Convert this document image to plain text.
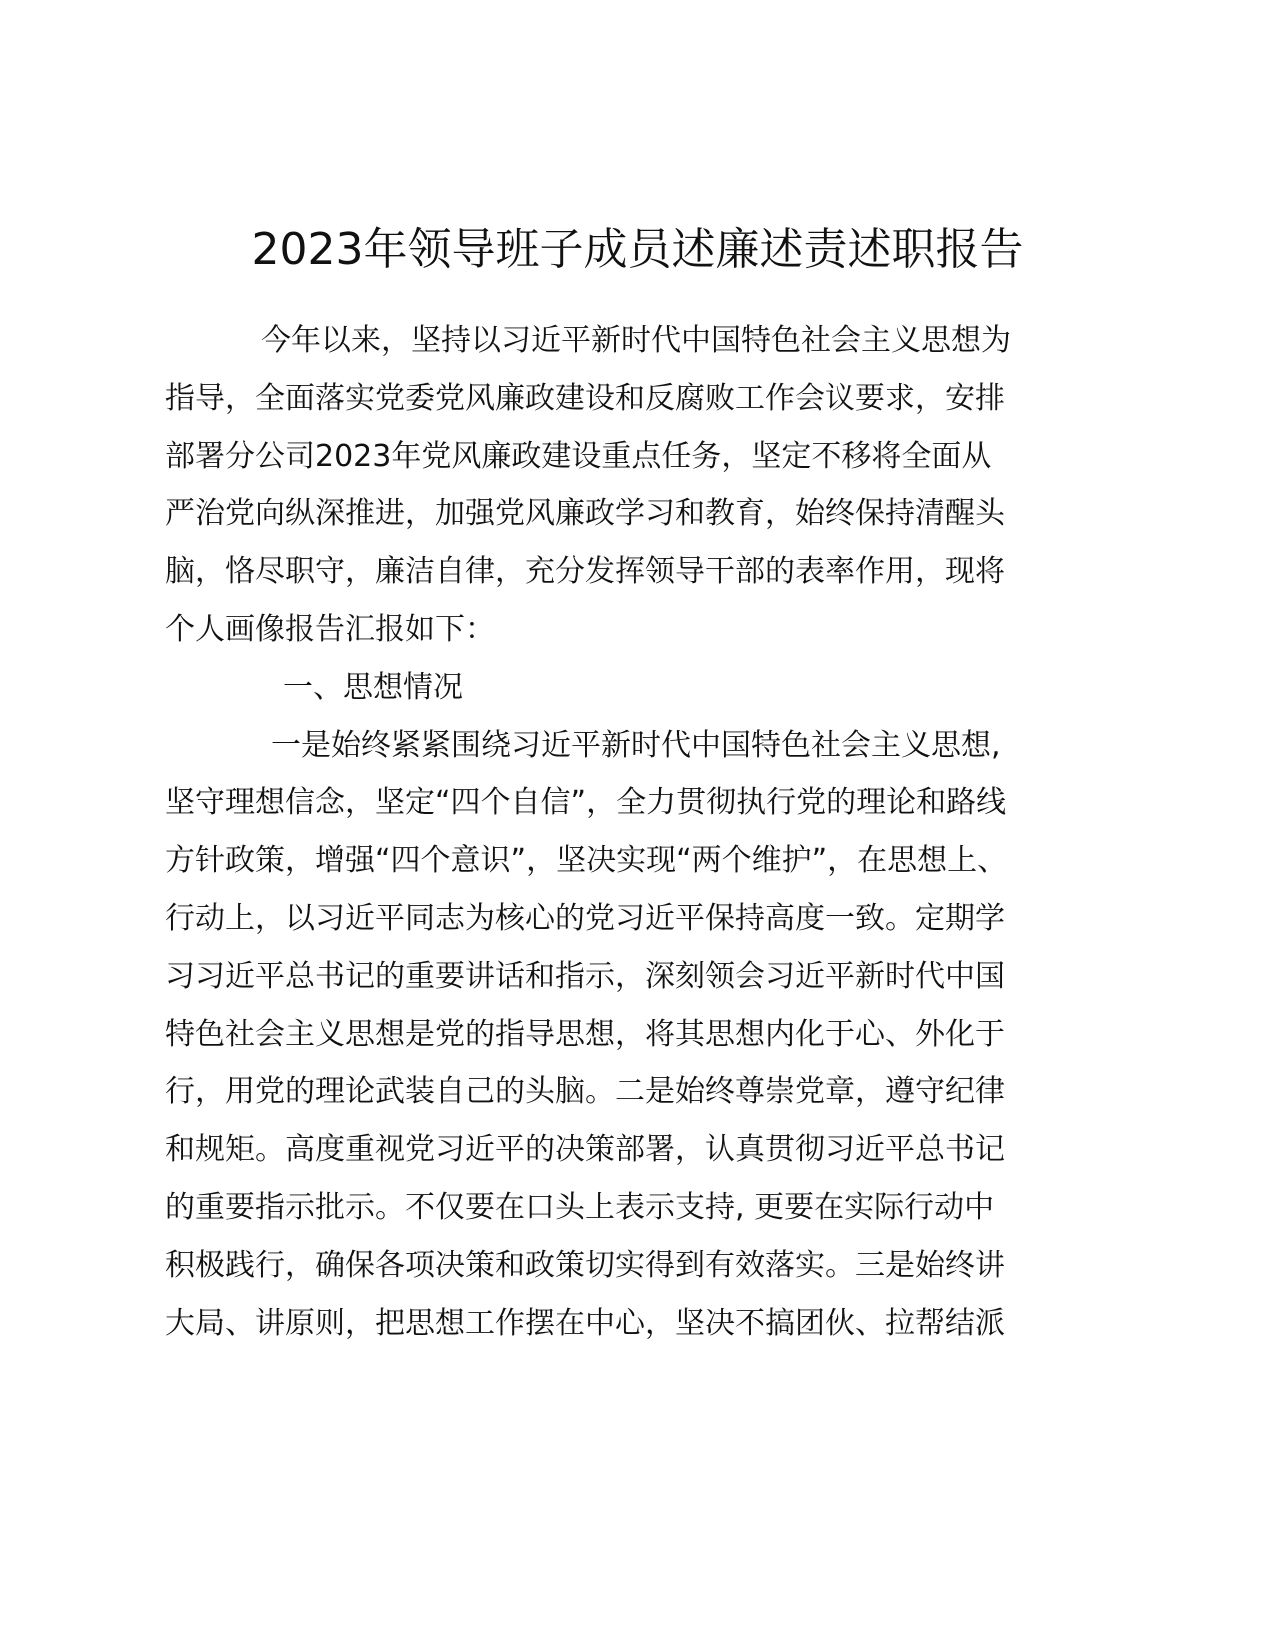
2023年领导班子成员述廉述责述职报告
今年以来，坚持以习近平新时代中国特色社会主义思想为
指导，全面落实党委党风廉政建设和反腐败工作会议要求，安排
部署分公司2023年党风廉政建设重点任务，坚定不移将全面从
严治党向纵深推进，加强党风廉政学习和教育，始终保持清醒头
脑，恪尽职守，廉洁自律，充分发挥领导干部的表率作用，现将
个人画像报告汇报如下：
一、思想情况
一是始终紧紧围绕习近平新时代中国特色社会主义思想,
坚守理想信念，坚定“四个自信”，全力贯彻执行党的理论和路线
方针政策，增强“四个意识”，坚决实现“两个维护”，在思想上、
行动上，以习近平同志为核心的党习近平保持高度一致。定期学
习习近平总书记的重要讲话和指示，深刻领会习近平新时代中国
特色社会主义思想是党的指导思想，将其思想内化于心、外化于
行，用党的理论武装自己的头脑。二是始终尊崇党章，遵守纪律
和规矩。高度重视党习近平的决策部署，认真贯彻习近平总书记
的重要指示批示。不仅要在口头上表示支持, 更要在实际行动中
积极践行，确保各项决策和政策切实得到有效落实。三是始终讲
大局、讲原则，把思想工作摆在中心，坚决不搞团伙、拉帮结派
